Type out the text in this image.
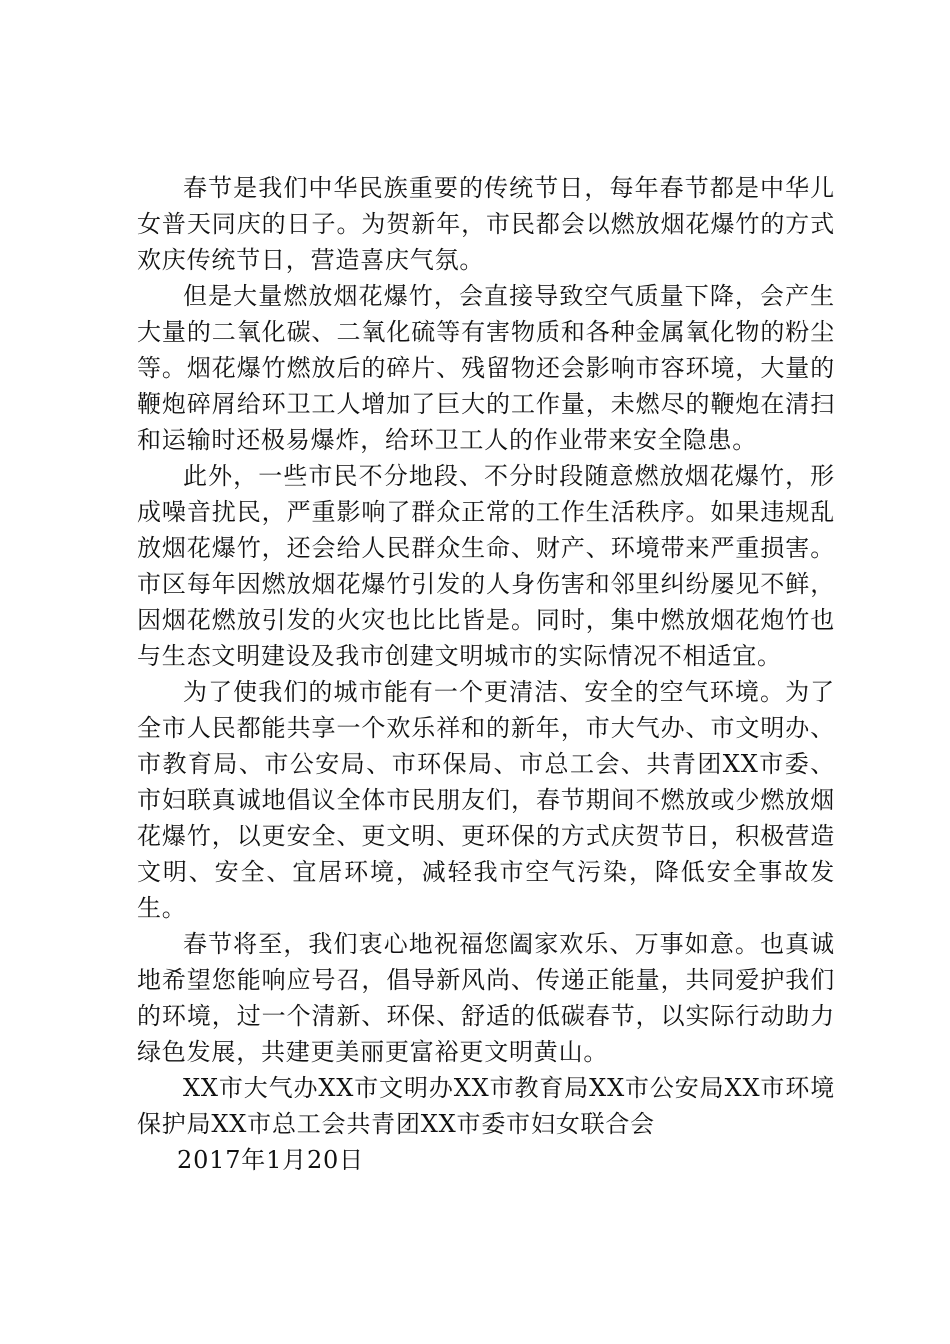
春节是我们中华民族重要的传统节日，每年春节都是中华儿女普天同庆的日子。为贺新年，市民都会以燃放烟花爆竹的方式欢庆传统节日，营造喜庆气氛。

但是大量燃放烟花爆竹，会直接导致空气质量下降，会产生大量的二氧化碳、二氧化硫等有害物质和各种金属氧化物的粉尘等。烟花爆竹燃放后的碎片、残留物还会影响市容环境，大量的鞭炮碎屑给环卫工人增加了巨大的工作量，未燃尽的鞭炮在清扫和运输时还极易爆炸，给环卫工人的作业带来安全隐患。

此外，一些市民不分地段、不分时段随意燃放烟花爆竹，形成噪音扰民，严重影响了群众正常的工作生活秩序。如果违规乱放烟花爆竹，还会给人民群众生命、财产、环境带来严重损害。市区每年因燃放烟花爆竹引发的人身伤害和邻里纠纷屡见不鲜，因烟花燃放引发的火灾也比比皆是。同时，集中燃放烟花炮竹也与生态文明建设及我市创建文明城市的实际情况不相适宜。

为了使我们的城市能有一个更清洁、安全的空气环境。为了全市人民都能共享一个欢乐祥和的新年，市大气办、市文明办、市教育局、市公安局、市环保局、市总工会、共青团XX市委、市妇联真诚地倡议全体市民朋友们，春节期间不燃放或少燃放烟花爆竹，以更安全、更文明、更环保的方式庆贺节日，积极营造文明、安全、宜居环境，减轻我市空气污染，降低安全事故发生。

春节将至，我们衷心地祝福您阖家欢乐、万事如意。也真诚地希望您能响应号召，倡导新风尚、传递正能量，共同爱护我们的环境，过一个清新、环保、舒适的低碳春节，以实际行动助力绿色发展，共建更美丽更富裕更文明黄山。

XX市大气办XX市文明办XX市教育局XX市公安局XX市环境保护局XX市总工会共青团XX市委市妇女联合会

2017年1月20日
